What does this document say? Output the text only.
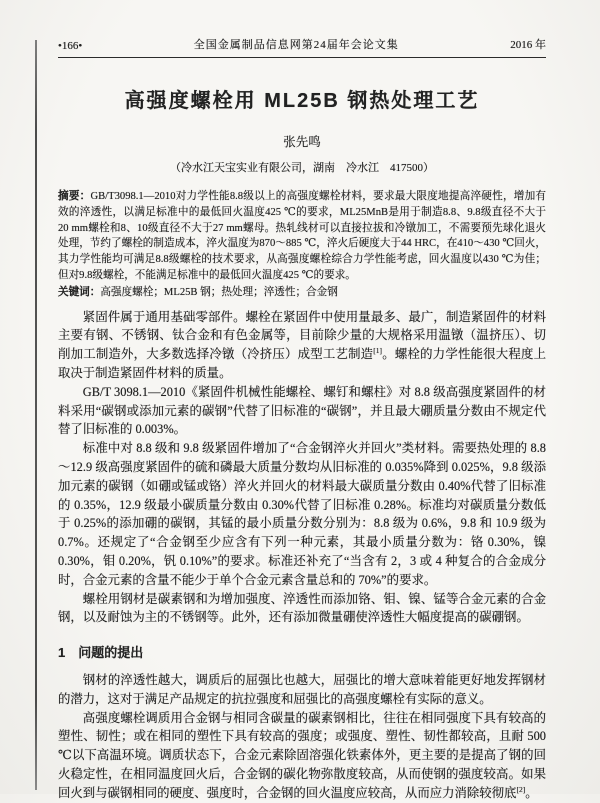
•166•	全国金属制品信息网第24届年会论文集	2016 年
高强度螺栓用 ML25B 钢热处理工艺
张先鸣
（冷水江天宝实业有限公司，湖南　冷水江　417500）

摘要：GB/T3098.1—2010对力学性能8.8级以上的高强度螺栓材料，要求最大限度地提高淬硬性，增加有效的淬透性，以满足标准中的最低回火温度425 ℃的要求，ML25MnB是用于制造8.8、9.8级直径不大于 20 mm螺栓和8、10级直径不大于27 mm螺母。热轧线材可以直接拉拔和冷镦加工，不需要预先球化退火处理，节约了螺栓的制造成本，淬火温度为870～885 ℃，淬火后硬度大于44 HRC，在410～430 ℃回火，其力学性能均可满足8.8级螺栓的技术要求，从高强度螺栓综合力学性能考虑，回火温度以430 ℃为佳；但对9.8级螺栓，不能满足标准中的最低回火温度425 ℃的要求。

关键词：高强度螺栓；ML25B 钢；热处理；淬透性；合金钢

紧固件属于通用基础零部件。螺栓在紧固件中使用量最多、最广，制造紧固件的材料主要有钢、不锈钢、钛合金和有色金属等，目前除少量的大规格采用温镦（温挤压）、切削加工制造外，大多数选择冷镦（冷挤压）成型工艺制造[1]。螺栓的力学性能很大程度上取决于制造紧固件材料的质量。

GB/T 3098.1—2010《紧固件机械性能螺栓、螺钉和螺柱》对 8.8 级高强度紧固件的材料采用“碳钢或添加元素的碳钢”代替了旧标准的“碳钢”，并且最大硼质量分数由不规定代替了旧标准的 0.003%。

标准中对 8.8 级和 9.8 级紧固件增加了“合金钢淬火并回火”类材料。需要热处理的 8.8～12.9 级高强度紧固件的硫和磷最大质量分数均从旧标准的 0.035%降到 0.025%，9.8 级添加元素的碳钢（如硼或锰或铬）淬火并回火的材料最大碳质量分数由 0.40%代替了旧标准的 0.35%，12.9 级最小碳质量分数由 0.30%代替了旧标准 0.28%。标准均对碳质量分数低于 0.25%的添加硼的碳钢，其锰的最小质量分数分别为：8.8 级为 0.6%，9.8 和 10.9 级为 0.7%。还规定了“合金钢至少应含有下列一种元素，其最小质量分数为：铬 0.30%，镍 0.30%，钼 0.20%，钒 0.10%”的要求。标准还补充了“当含有 2，3 或 4 种复合的合金成分时，合金元素的含量不能少于单个合金元素含量总和的 70%”的要求。

螺栓用钢材是碳素钢和为增加强度、淬透性而添加铬、钼、镍、锰等合金元素的合金钢，以及耐蚀为主的不锈钢等。此外，还有添加微量硼使淬透性大幅度提高的碳硼钢。

1　问题的提出

钢材的淬透性越大，调质后的屈强比也越大，屈强比的增大意味着能更好地发挥钢材的潜力，这对于满足产品规定的抗拉强度和屈强比的高强度螺栓有实际的意义。

高强度螺栓调质用合金钢与相同含碳量的碳素钢相比，往往在相同强度下具有较高的塑性、韧性；或在相同的塑性下具有较高的强度；或强度、塑性、韧性都较高，且耐 500 ℃以下高温环境。调质状态下，合金元素除固溶强化铁素体外，更主要的是提高了钢的回火稳定性，在相同温度回火后，合金钢的碳化物弥散度较高，从而使钢的强度较高。如果回火到与碳钢相同的硬度、强度时，合金钢的回火温度应较高，从而应力消除较彻底[2]。
